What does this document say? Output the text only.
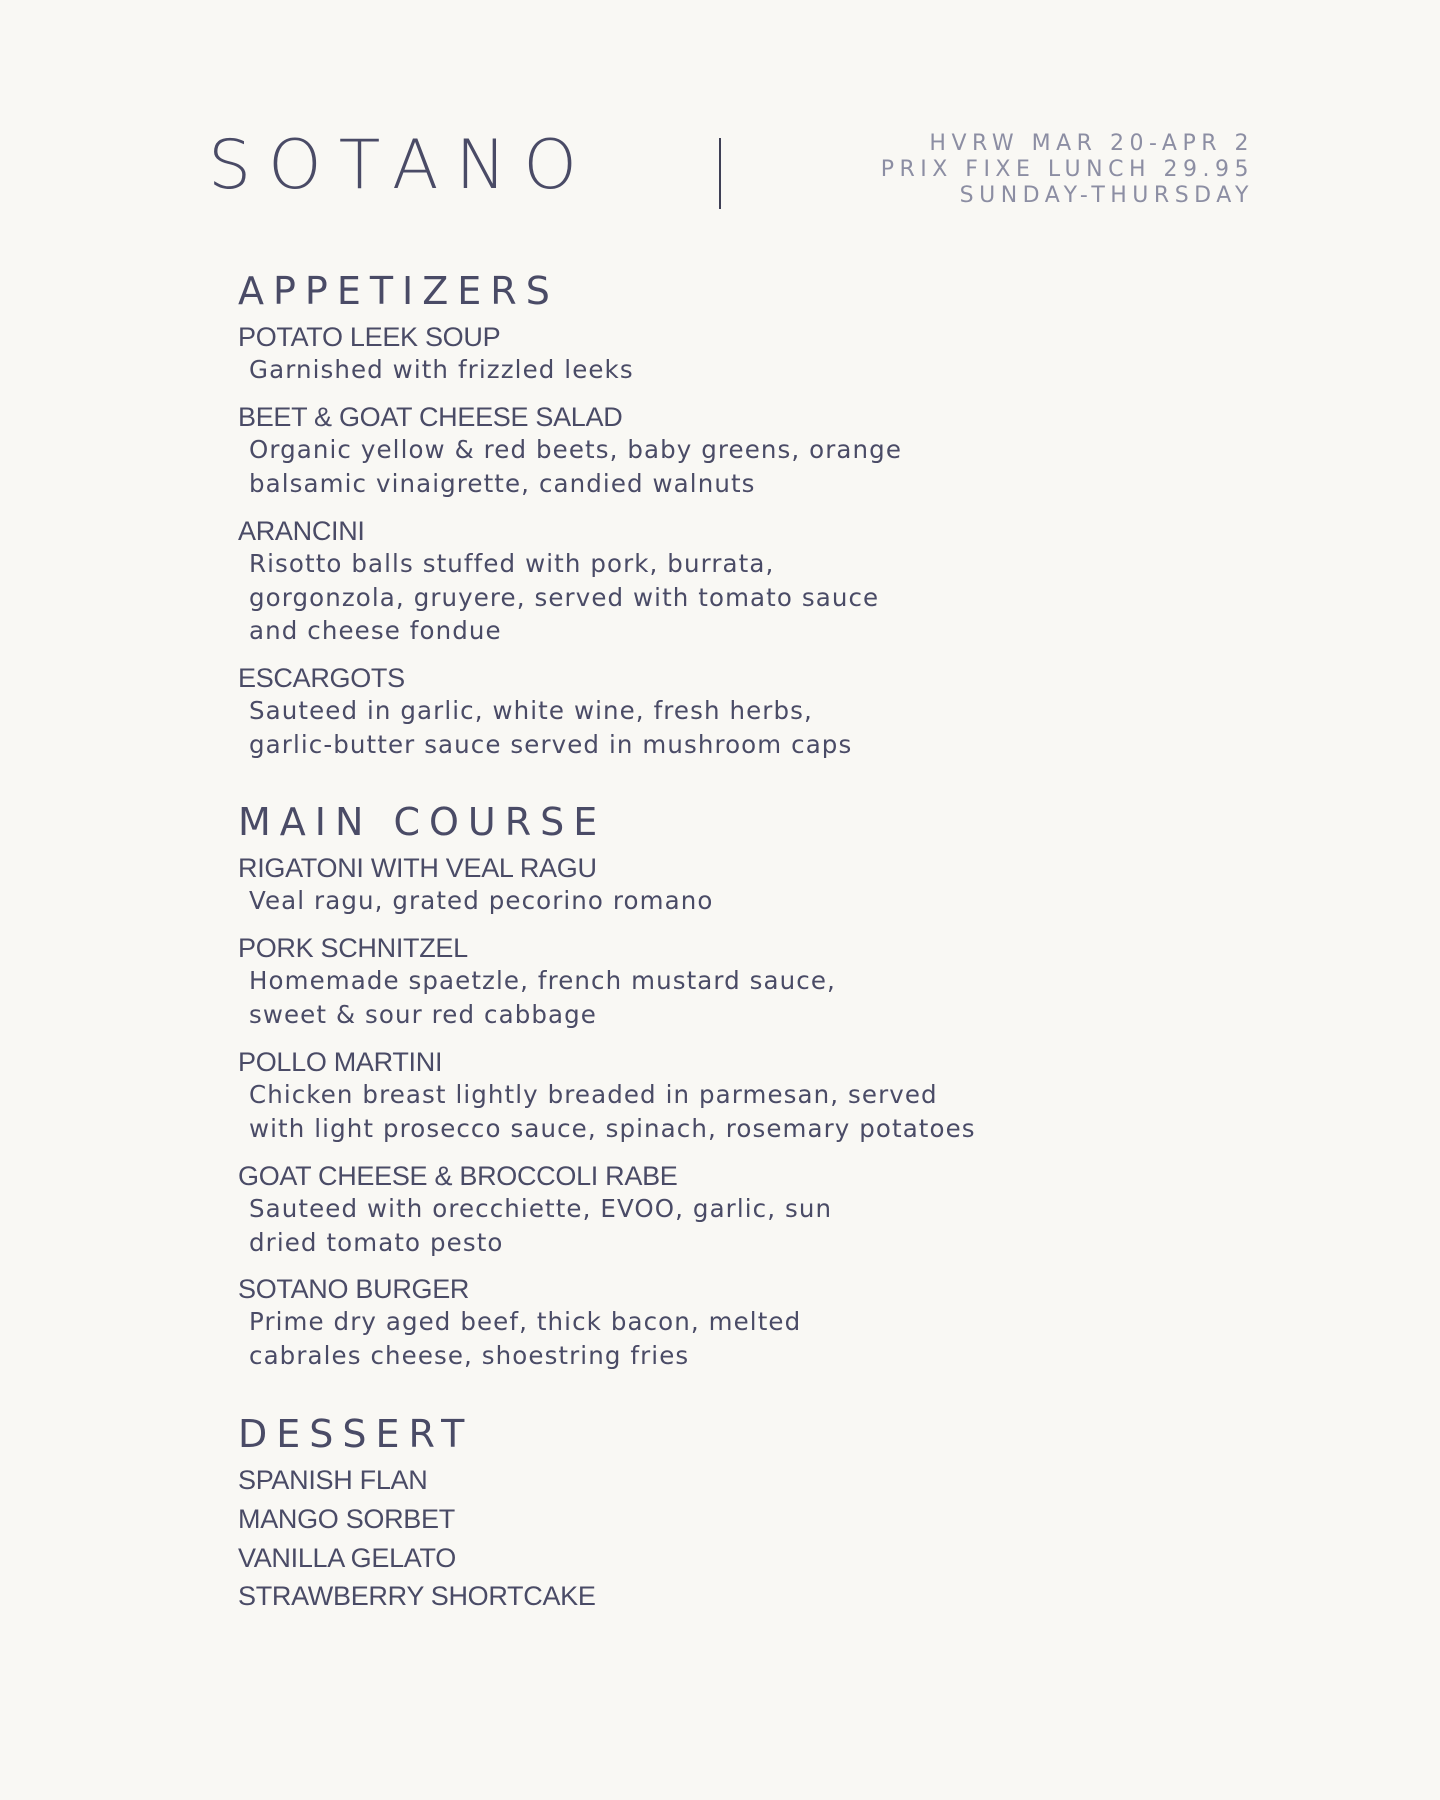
SOTANO	HVRW MAR 20-APR 2
PRIX FIXE LUNCH 29.95
SUNDAY-THURSDAY
APPETIZERS
POTATO LEEK SOUP
Garnished with frizzled leeks
BEET & GOAT CHEESE SALAD
Organic yellow & red beets, baby greens, orange
balsamic vinaigrette, candied walnuts
ARANCINI
Risotto balls stuffed with pork, burrata,
gorgonzola, gruyere, served with tomato sauce
and cheese fondue
ESCARGOTS
Sauteed in garlic, white wine, fresh herbs,
garlic-butter sauce served in mushroom caps
MAIN COURSE
RIGATONI WITH VEAL RAGU
Veal ragu, grated pecorino romano
PORK SCHNITZEL
Homemade spaetzle, french mustard sauce,
sweet & sour red cabbage
POLLO MARTINI
Chicken breast lightly breaded in parmesan, served
with light prosecco sauce, spinach, rosemary potatoes
GOAT CHEESE & BROCCOLI RABE
Sauteed with orecchiette, EVOO, garlic, sun
dried tomato pesto
SOTANO BURGER
Prime dry aged beef, thick bacon, melted
cabrales cheese, shoestring fries
DESSERT
SPANISH FLAN
MANGO SORBET
VANILLA GELATO
STRAWBERRY SHORTCAKE
